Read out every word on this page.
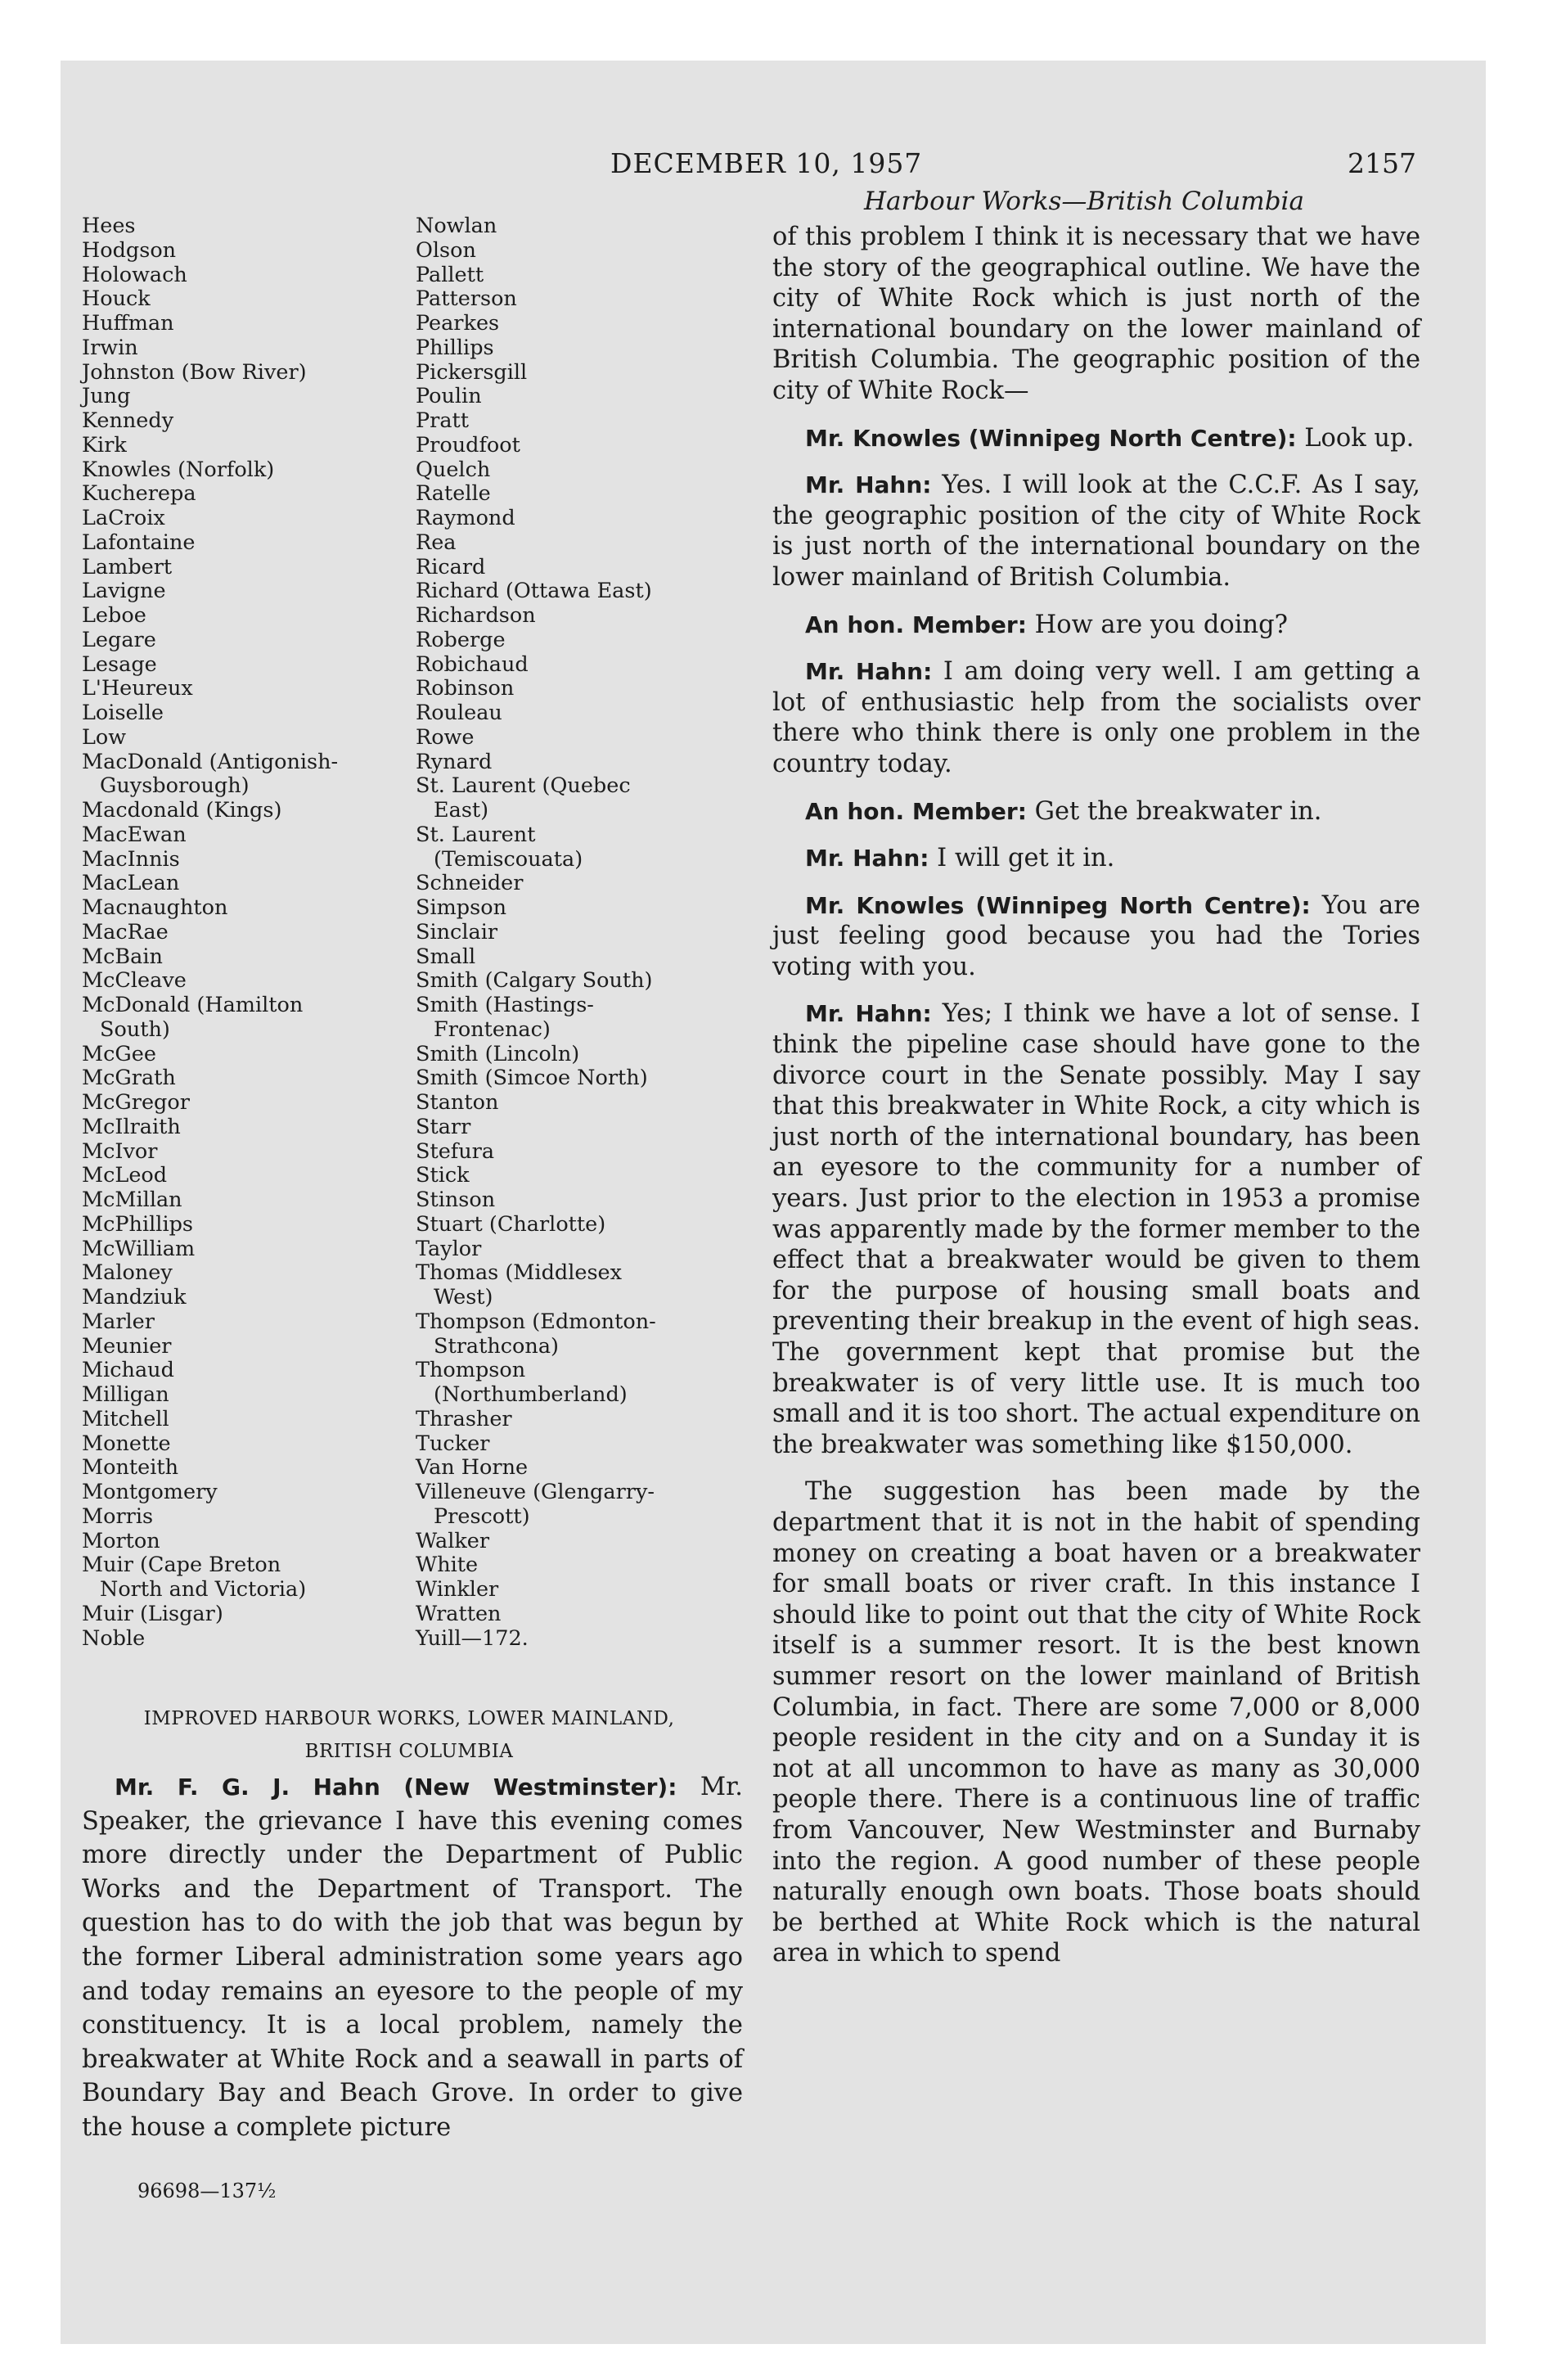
DECEMBER 10, 1957	2157
Harbour Works—British Columbia
Hees
Hodgson
Holowach
Houck
Huffman
Irwin
Johnston (Bow River)
Jung
Kennedy
Kirk
Knowles (Norfolk)
Kucherepa
LaCroix
Lafontaine
Lambert
Lavigne
Leboe
Legare
Lesage
L'Heureux
Loiselle
Low
MacDonald (Antigonish-
Guysborough)
Macdonald (Kings)
MacEwan
MacInnis
MacLean
Macnaughton
MacRae
McBain
McCleave
McDonald (Hamilton
South)
McGee
McGrath
McGregor
McIlraith
McIvor
McLeod
McMillan
McPhillips
McWilliam
Maloney
Mandziuk
Marler
Meunier
Michaud
Milligan
Mitchell
Monette
Monteith
Montgomery
Morris
Morton
Muir (Cape Breton
North and Victoria)
Muir (Lisgar)
Noble
Nowlan
Olson
Pallett
Patterson
Pearkes
Phillips
Pickersgill
Poulin
Pratt
Proudfoot
Quelch
Ratelle
Raymond
Rea
Ricard
Richard (Ottawa East)
Richardson
Roberge
Robichaud
Robinson
Rouleau
Rowe
Rynard
St. Laurent (Quebec
East)
St. Laurent
(Temiscouata)
Schneider
Simpson
Sinclair
Small
Smith (Calgary South)
Smith (Hastings-
Frontenac)
Smith (Lincoln)
Smith (Simcoe North)
Stanton
Starr
Stefura
Stick
Stinson
Stuart (Charlotte)
Taylor
Thomas (Middlesex
West)
Thompson (Edmonton-
Strathcona)
Thompson
(Northumberland)
Thrasher
Tucker
Van Horne
Villeneuve (Glengarry-
Prescott)
Walker
White
Winkler
Wratten
Yuill—172.
IMPROVED HARBOUR WORKS, LOWER MAINLAND,
BRITISH COLUMBIA

Mr. F. G. J. Hahn (New Westminster): Mr. Speaker, the grievance I have this evening comes more directly under the Department of Public Works and the Department of Transport. The question has to do with the job that was begun by the former Liberal administration some years ago and today remains an eyesore to the people of my constituency. It is a local problem, namely the breakwater at White Rock and a seawall in parts of Boundary Bay and Beach Grove. In order to give the house a complete picture

96698—137½

of this problem I think it is necessary that we have the story of the geographical outline. We have the city of White Rock which is just north of the international boundary on the lower mainland of British Columbia. The geographic position of the city of White Rock—

Mr. Knowles (Winnipeg North Centre): Look up.

Mr. Hahn: Yes. I will look at the C.C.F. As I say, the geographic position of the city of White Rock is just north of the international boundary on the lower mainland of British Columbia.

An hon. Member: How are you doing?

Mr. Hahn: I am doing very well. I am getting a lot of enthusiastic help from the socialists over there who think there is only one problem in the country today.

An hon. Member: Get the breakwater in.

Mr. Hahn: I will get it in.

Mr. Knowles (Winnipeg North Centre): You are just feeling good because you had the Tories voting with you.

Mr. Hahn: Yes; I think we have a lot of sense. I think the pipeline case should have gone to the divorce court in the Senate possibly. May I say that this breakwater in White Rock, a city which is just north of the international boundary, has been an eyesore to the community for a number of years. Just prior to the election in 1953 a promise was apparently made by the former member to the effect that a breakwater would be given to them for the purpose of housing small boats and preventing their breakup in the event of high seas. The government kept that promise but the breakwater is of very little use. It is much too small and it is too short. The actual expenditure on the breakwater was something like $150,000.

The suggestion has been made by the department that it is not in the habit of spending money on creating a boat haven or a breakwater for small boats or river craft. In this instance I should like to point out that the city of White Rock itself is a summer resort. It is the best known summer resort on the lower mainland of British Columbia, in fact. There are some 7,000 or 8,000 people resident in the city and on a Sunday it is not at all uncommon to have as many as 30,000 people there. There is a continuous line of traffic from Vancouver, New Westminster and Burnaby into the region. A good number of these people naturally enough own boats. Those boats should be berthed at White Rock which is the natural area in which to spend
